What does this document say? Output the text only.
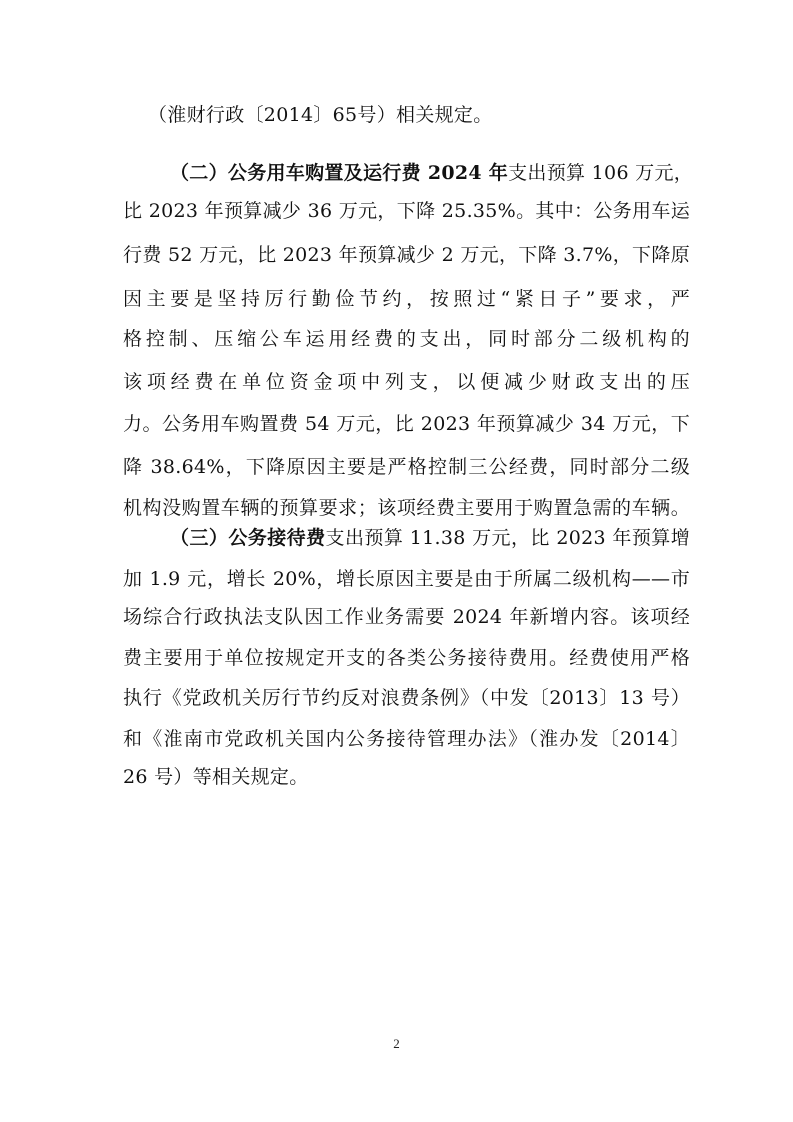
（淮财行政〔2014〕65号）相关规定。
（二）公务用车购置及运行费 2024 年支出预算 106 万元，
比 2023 年预算减少 36 万元，下降 25.35%。其中：公务用车运
行费 52 万元，比 2023 年预算减少 2 万元，下降 3.7%，下降原
因主要是坚持厉行勤俭节约，按照过“紧日子”要求，严
格控制、压缩公车运用经费的支出，同时部分二级机构的
该项经费在单位资金项中列支，以便减少财政支出的压
力。公务用车购置费 54 万元，比 2023 年预算减少 34 万元，下
降 38.64%，下降原因主要是严格控制三公经费，同时部分二级
机构没购置车辆的预算要求；该项经费主要用于购置急需的车辆。
（三）公务接待费支出预算 11.38 万元，比 2023 年预算增
加 1.9 元，增长 20%，增长原因主要是由于所属二级机构——市
场综合行政执法支队因工作业务需要 2024 年新增内容。该项经
费主要用于单位按规定开支的各类公务接待费用。经费使用严格
执行《党政机关厉行节约反对浪费条例》（中发〔2013〕13 号）
和《淮南市党政机关国内公务接待管理办法》（淮办发〔2014〕
26 号）等相关规定。
2
